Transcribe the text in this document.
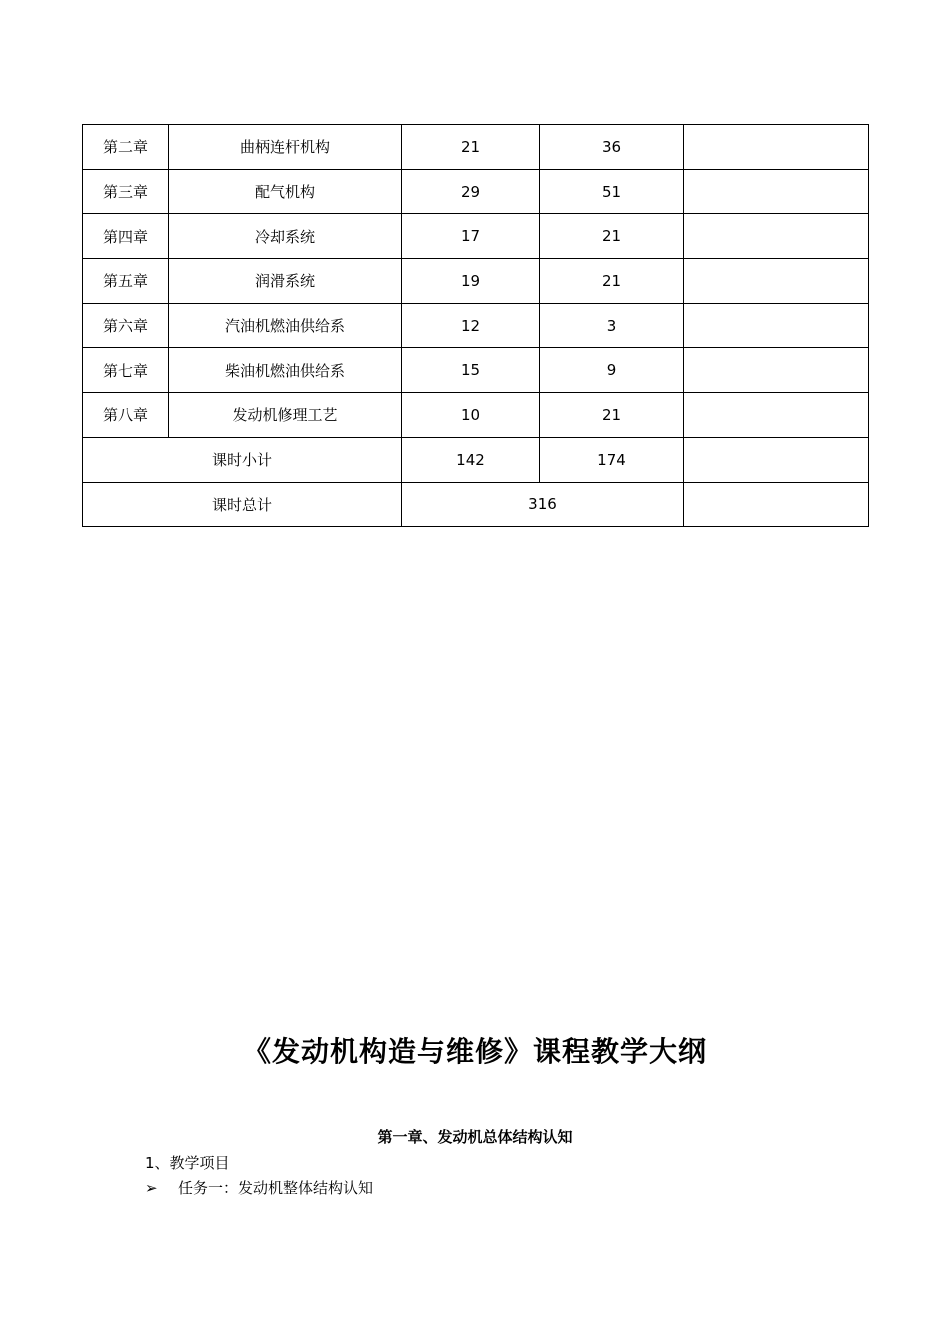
第二章	曲柄连杆机构	21	36	
第三章	配气机构	29	51	
第四章	冷却系统	17	21	
第五章	润滑系统	19	21	
第六章	汽油机燃油供给系	12	3	
第七章	柴油机燃油供给系	15	9	
第八章	发动机修理工艺	10	21	
课时小计		142	174	
课时总计		316		
《发动机构造与维修》课程教学大纲
第一章、发动机总体结构认知
1、教学项目
➢ 任务一：发动机整体结构认知
